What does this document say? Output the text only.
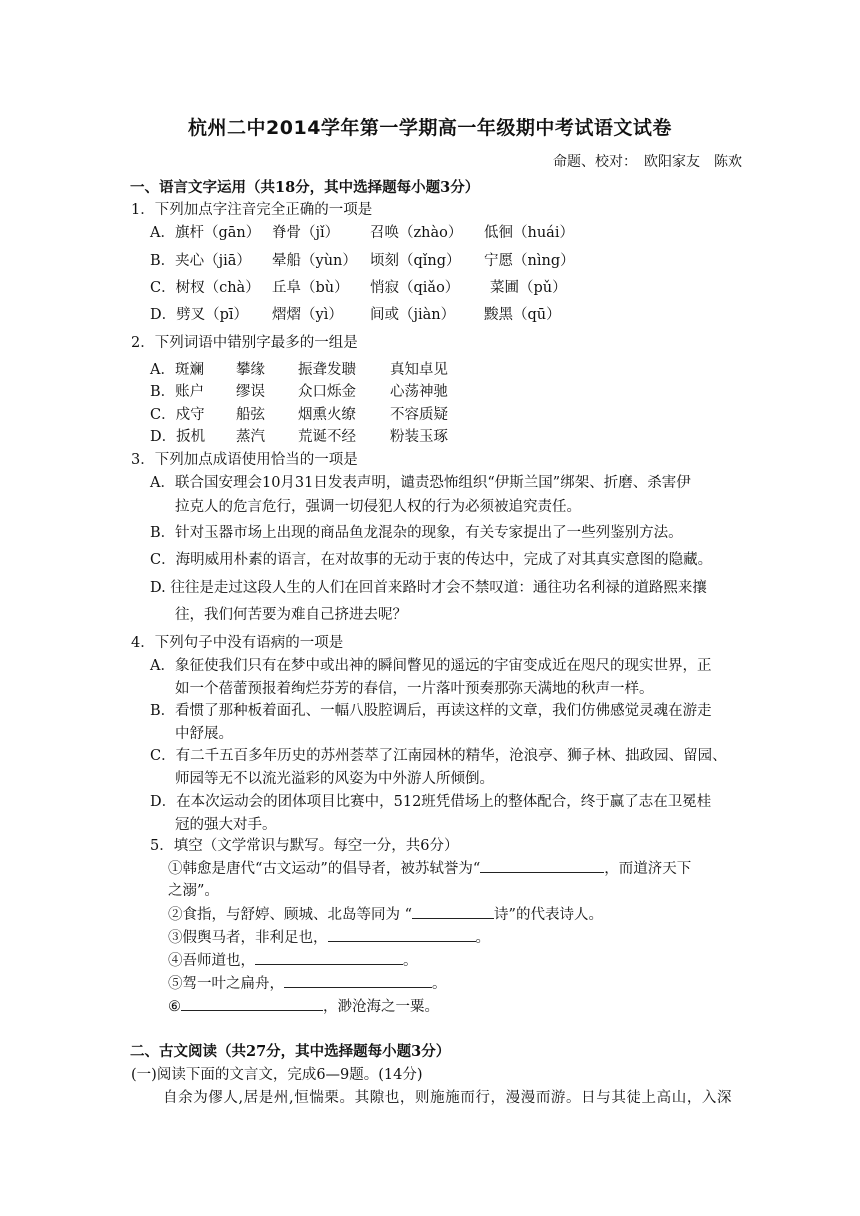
杭州二中2014学年第一学期高一年级期中考试语文试卷
命题、校对：　欧阳家友　陈欢
一、语言文字运用（共18分，其中选择题每小题3分）
1．下列加点字注音完全正确的一项是
A．旗杆（gān） 脊骨（jǐ） 召唤（zhào） 低徊（huái）
B．夹心（jiā） 晕船（yùn） 顷刻（qǐng） 宁愿（nìng）
C．树杈（chà） 丘阜（bù） 悄寂（qiǎo） 菜圃（pǔ）
D．劈叉（pī） 熠熠（yì） 间或（jiàn） 黢黑（qū）
2．下列词语中错别字最多的一组是
A．斑斓 攀缘 振聋发聩 真知卓见
B．账户 缪误 众口烁金 心荡神驰
C．戍守 船弦 烟熏火缭 不容质疑
D．扳机 蒸汽 荒诞不经 粉装玉琢
3．下列加点成语使用恰当的一项是
A．联合国安理会10月31日发表声明，谴责恐怖组织“伊斯兰国”绑架、折磨、杀害伊
拉克人的危言危行，强调一切侵犯人权的行为必须被追究责任。
B．针对玉器市场上出现的商品鱼龙混杂的现象，有关专家提出了一些列鉴别方法。
C．海明威用朴素的语言，在对故事的无动于衷的传达中，完成了对其真实意图的隐藏。
D. 往往是走过这段人生的人们在回首来路时才会不禁叹道：通往功名利禄的道路熙来攘
往，我们何苦要为难自己挤进去呢？
4．下列句子中没有语病的一项是
A．象征使我们只有在梦中或出神的瞬间瞥见的遥远的宇宙变成近在咫尺的现实世界，正
如一个蓓蕾预报着绚烂芬芳的春信，一片落叶预奏那弥天满地的秋声一样。
B．看惯了那种板着面孔、一幅八股腔调后，再读这样的文章，我们仿佛感觉灵魂在游走
中舒展。
C．有二千五百多年历史的苏州荟萃了江南园林的精华，沧浪亭、狮子林、拙政园、留园、
师园等无不以流光溢彩的风姿为中外游人所倾倒。
D．在本次运动会的团体项目比赛中，512班凭借场上的整体配合，终于赢了志在卫冕桂
冠的强大对手。
5．填空（文学常识与默写。每空一分，共6分）
①韩愈是唐代“古文运动”的倡导者，被苏轼誉为“	，而道济天下
之溺”。
②食指，与舒婷、顾城、北岛等同为 “	诗”的代表诗人。
③假舆马者，非利足也，	。
④吾师道也，	。
⑤驾一叶之扁舟，	。
⑥	，渺沧海之一粟。
二、古文阅读（共27分，其中选择题每小题3分）
(一)阅读下面的文言文，完成6—9题。(14分)
自余为僇人,居是州,恒惴栗。其隙也，则施施而行，漫漫而游。日与其徒上高山，入深
